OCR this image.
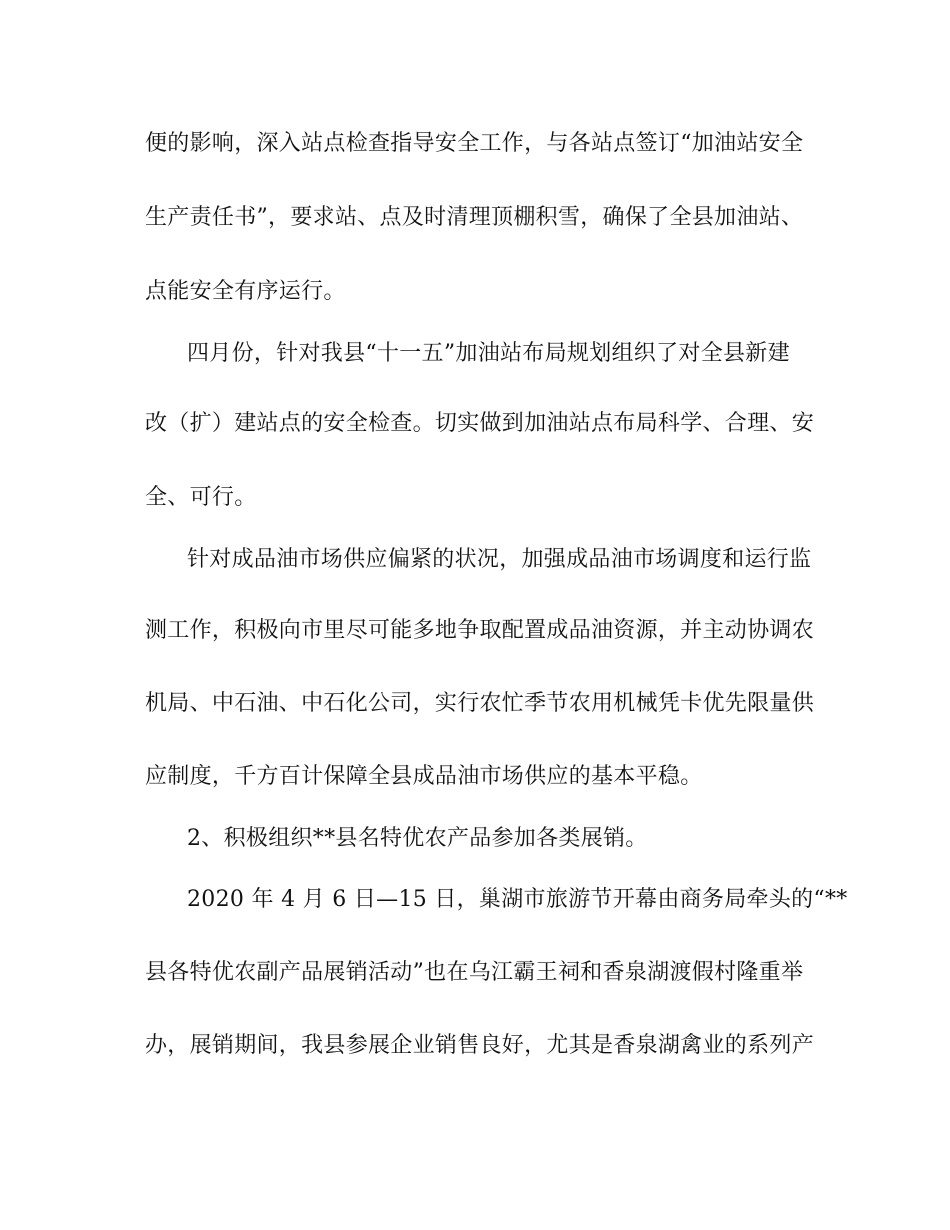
便的影响，深入站点检查指导安全工作，与各站点签订“加油站安全
生产责任书”，要求站、点及时清理顶棚积雪，确保了全县加油站、
点能安全有序运行。
四月份，针对我县“十一五”加油站布局规划组织了对全县新建
改（扩）建站点的安全检查。切实做到加油站点布局科学、合理、安
全、可行。
针对成品油市场供应偏紧的状况，加强成品油市场调度和运行监
测工作，积极向市里尽可能多地争取配置成品油资源，并主动协调农
机局、中石油、中石化公司，实行农忙季节农用机械凭卡优先限量供
应制度，千方百计保障全县成品油市场供应的基本平稳。
2、积极组织**县名特优农产品参加各类展销。
2020 年 4 月 6 日—15 日，巢湖市旅游节开幕由商务局牵头的“**
县各特优农副产品展销活动”也在乌江霸王祠和香泉湖渡假村隆重举
办，展销期间，我县参展企业销售良好，尤其是香泉湖禽业的系列产
